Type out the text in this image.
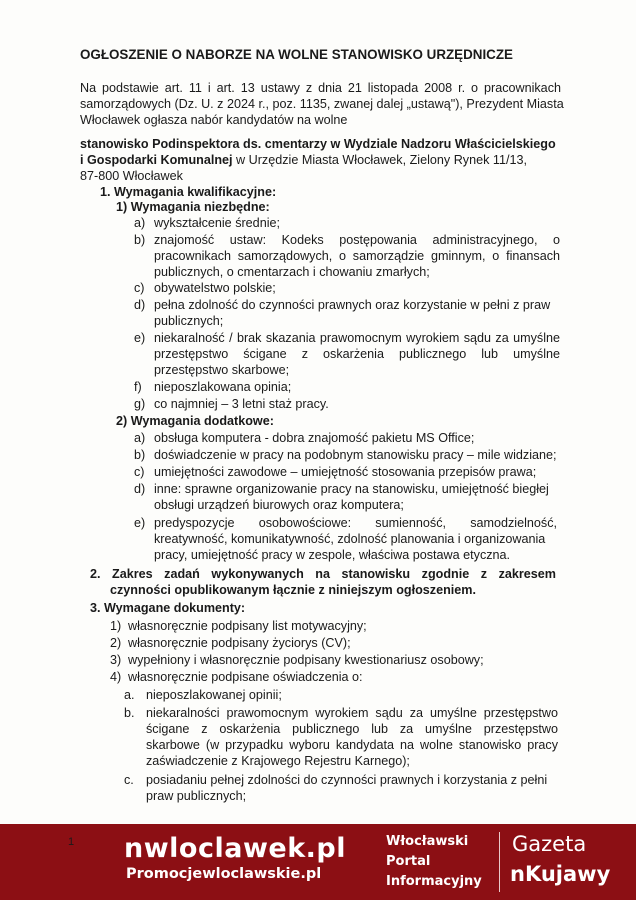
OGŁOSZENIE O NABORZE NA WOLNE STANOWISKO URZĘDNICZE
Na podstawie art. 11 i art. 13 ustawy z dnia 21 listopada 2008 r. o pracownikach
samorządowych (Dz. U. z 2024 r., poz. 1135, zwanej dalej „ustawą"), Prezydent Miasta
Włocławek ogłasza nabór kandydatów na wolne
stanowisko Podinspektora ds. cmentarzy w Wydziale Nadzoru Właścicielskiego
i Gospodarki Komunalnej w Urzędzie Miasta Włocławek, Zielony Rynek 11/13,
87-800 Włocławek
1. Wymagania kwalifikacyjne:
1) Wymagania niezbędne:
a) wykształcenie średnie;
b) znajomość ustaw: Kodeks postępowania administracyjnego, o
pracownikach samorządowych, o samorządzie gminnym, o finansach
publicznych, o cmentarzach i chowaniu zmarłych;
c) obywatelstwo polskie;
d) pełna zdolność do czynności prawnych oraz korzystanie w pełni z praw
publicznych;
e) niekaralność / brak skazania prawomocnym wyrokiem sądu za umyślne
przestępstwo ścigane z oskarżenia publicznego lub umyślne
przestępstwo skarbowe;
f) nieposzlakowana opinia;
g) co najmniej – 3 letni staż pracy.
2) Wymagania dodatkowe:
a) obsługa komputera - dobra znajomość pakietu MS Office;
b) doświadczenie w pracy na podobnym stanowisku pracy – mile widziane;
c) umiejętności zawodowe – umiejętność stosowania przepisów prawa;
d) inne: sprawne organizowanie pracy na stanowisku, umiejętność biegłej
obsługi urządzeń biurowych oraz komputera;
e) predyspozycje osobowościowe: sumienność, samodzielność,
kreatywność, komunikatywność, zdolność planowania i organizowania
pracy, umiejętność pracy w zespole, właściwa postawa etyczna.
2. Zakres zadań wykonywanych na stanowisku zgodnie z zakresem
czynności opublikowanym łącznie z niniejszym ogłoszeniem.
3. Wymagane dokumenty:
1) własnoręcznie podpisany list motywacyjny;
2) własnoręcznie podpisany życiorys (CV);
3) wypełniony i własnoręcznie podpisany kwestionariusz osobowy;
4) własnoręcznie podpisane oświadczenia o:
a. nieposzlakowanej opinii;
b. niekaralności prawomocnym wyrokiem sądu za umyślne przestępstwo
ścigane z oskarżenia publicznego lub za umyślne przestępstwo
skarbowe (w przypadku wyboru kandydata na wolne stanowisko pracy
zaświadczenie z Krajowego Rejestru Karnego);
c. posiadaniu pełnej zdolności do czynności prawnych i korzystania z pełni
praw publicznych;
1 nwloclawek.pl
Promocjewloclawskie.pl
Włocławski
Portal
Informacyjny
Gazeta
nKujawy
